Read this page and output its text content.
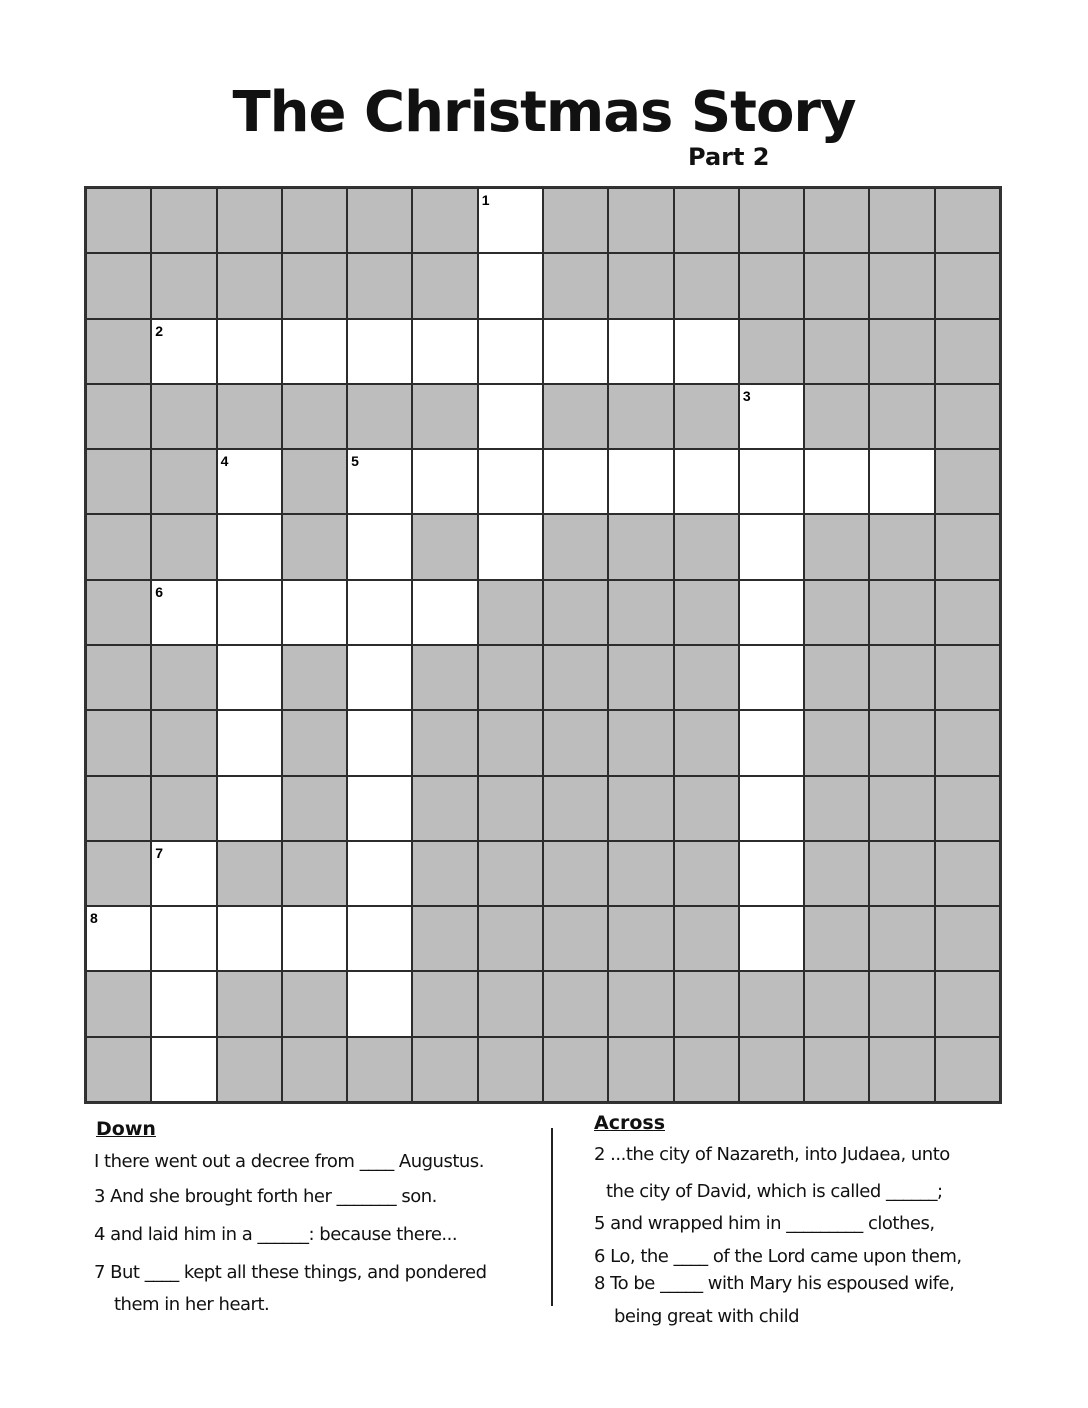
The Christmas Story
Part 2
1
2
3
4	5
6
7
8
Down
I there went out a decree from ____ Augustus.
3 And she brought forth her _______ son.
4 and laid him in a ______: because there...
7 But ____ kept all these things, and pondered
them in her heart.
Across
2 ...the city of Nazareth, into Judaea, unto
the city of David, which is called ______;
5 and wrapped him in _________ clothes,
6 Lo, the ____ of the Lord came upon them,
8 To be _____ with Mary his espoused wife,
being great with child
